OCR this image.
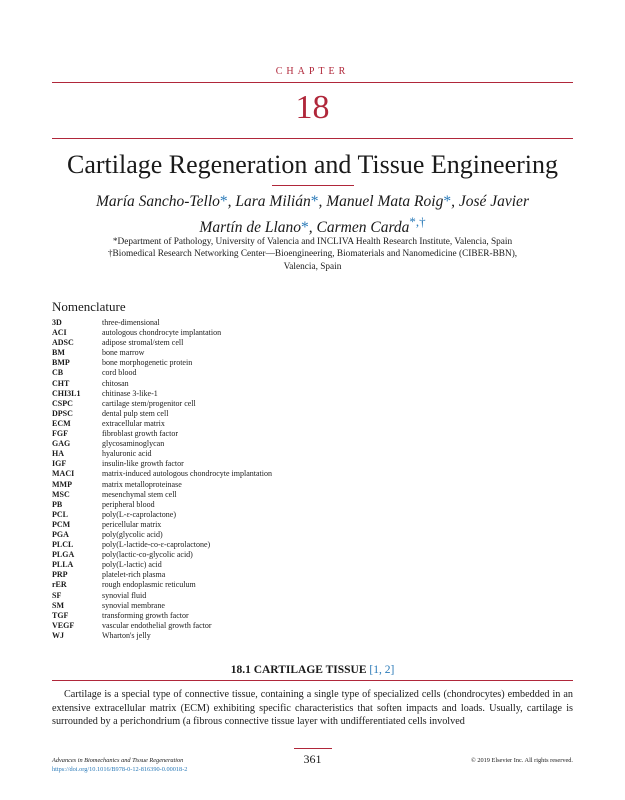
CHAPTER
18
Cartilage Regeneration and Tissue Engineering
María Sancho-Tello*, Lara Milián*, Manuel Mata Roig*, José Javier
Martín de Llano*, Carmen Carda*,†
*Department of Pathology, University of Valencia and INCLIVA Health Research Institute, Valencia, Spain
†Biomedical Research Networking Center—Bioengineering, Biomaterials and Nanomedicine (CIBER-BBN),
Valencia, Spain
Nomenclature
3D	three-dimensional
ACI	autologous chondrocyte implantation
ADSC	adipose stromal/stem cell
BM	bone marrow
BMP	bone morphogenetic protein
CB	cord blood
CHT	chitosan
CHI3L1	chitinase 3-like-1
CSPC	cartilage stem/progenitor cell
DPSC	dental pulp stem cell
ECM	extracellular matrix
FGF	fibroblast growth factor
GAG	glycosaminoglycan
HA	hyaluronic acid
IGF	insulin-like growth factor
MACI	matrix-induced autologous chondrocyte implantation
MMP	matrix metalloproteinase
MSC	mesenchymal stem cell
PB	peripheral blood
PCL	poly(L-ε-caprolactone)
PCM	pericellular matrix
PGA	poly(glycolic acid)
PLCL	poly(L-lactide-co-ε-caprolactone)
PLGA	poly(lactic-co-glycolic acid)
PLLA	poly(L-lactic) acid
PRP	platelet-rich plasma
rER	rough endoplasmic reticulum
SF	synovial fluid
SM	synovial membrane
TGF	transforming growth factor
VEGF	vascular endothelial growth factor
WJ	Wharton's jelly
18.1 CARTILAGE TISSUE [1, 2]
Cartilage is a special type of connective tissue, containing a single type of specialized cells (chondrocytes) embedded in an extensive extracellular matrix (ECM) exhibiting specific characteristics that soften impacts and loads. Usually, cartilage is surrounded by a perichondrium (a fibrous connective tissue layer with undifferentiated cells involved
Advances in Biomechanics and Tissue Regeneration
https://doi.org/10.1016/B978-0-12-816390-0.00018-2
361	© 2019 Elsevier Inc. All rights reserved.
